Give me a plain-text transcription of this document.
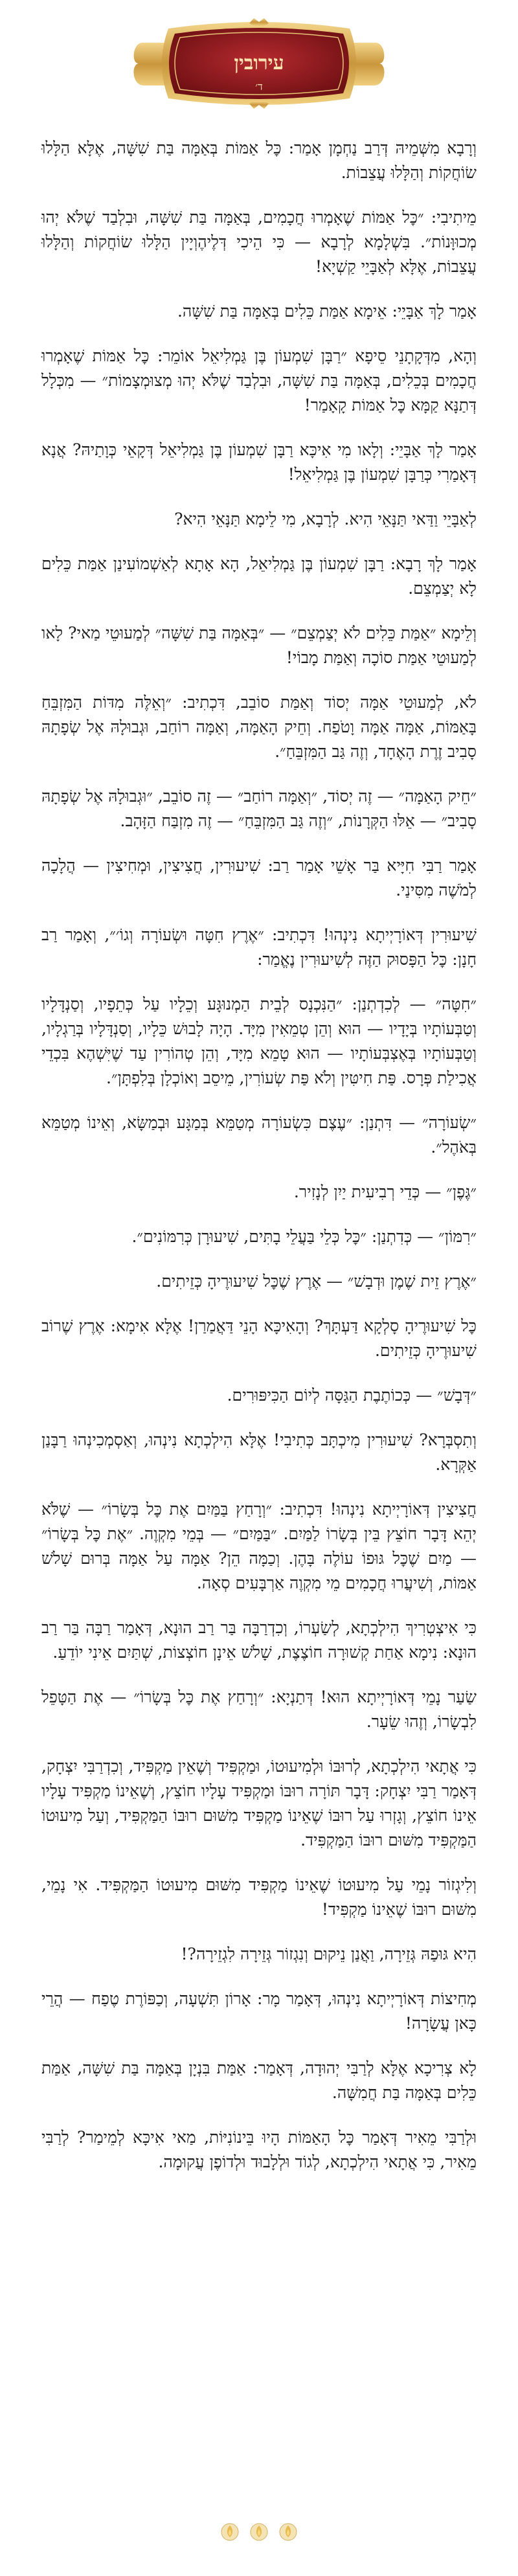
עירובין
ד׳

וְרָבָא מִשְּׁמֵיהּ דְּרַב נַחְמָן אָמַר: כׇּל אַמּוֹת בְּאַמָּה בַּת שִׁשָּׁה, אֶלָּא הַלָּלוּ שׂוֹחֲקוֹת וְהַלָּלוּ עֲצֵבוֹת.

מֵיתִיבִי: ״כׇּל אַמּוֹת שֶׁאָמְרוּ חֲכָמִים, בְּאַמָּה בַּת שִׁשָּׁה, וּבִלְבַד שֶׁלֹּא יְהוּ מְכוּוָּנוֹת״. בִּשְׁלָמָא לְרָבָא — כִּי הֵיכִי דְּלֶיהֶוְיָין הַלָּלוּ שׂוֹחֲקוֹת וְהַלָּלוּ עֲצֵבוֹת, אֶלָּא לְאַבָּיֵי קַשְׁיָא!

אָמַר לָךְ אַבָּיֵי: אֵימָא אַמַּת כֵּלִים בְּאַמָּה בַּת שִׁשָּׁה.

וְהָא, מִדְּקָתָנֵי סֵיפָא ״רַבָּן שִׁמְעוֹן בֶּן גַּמְלִיאֵל אוֹמֵר: כׇּל אַמּוֹת שֶׁאָמְרוּ חֲכָמִים בְּכֵלִים, בְּאַמָּה בַּת שִׁשָּׁה, וּבִלְבַד שֶׁלֹּא יְהוּ מְצוּמְצָמוֹת״ — מִכְּלָל דְּתַנָּא קַמָּא כׇּל אַמּוֹת קָאָמַר!

אָמַר לָךְ אַבָּיֵי: וְלָאו מִי אִיכָּא רַבָּן שִׁמְעוֹן בֶּן גַּמְלִיאֵל דְּקָאֵי כְּוָתַיהּ? אֲנָא דְּאָמַרִי כְּרַבָּן שִׁמְעוֹן בֶּן גַּמְלִיאֵל!

לְאַבָּיֵי וַדַּאי תַּנָּאֵי הִיא. לְרָבָא, מִי לֵימָא תַּנָּאֵי הִיא?

אָמַר לָךְ רָבָא: רַבָּן שִׁמְעוֹן בֶּן גַּמְלִיאֵל, הָא אָתָא לְאַשְׁמוֹעִינַן אַמַּת כֵּלִים לָא יְצַמְצֵם.

וְלֵימָא ״אַמַּת כֵּלִים לֹא יְצַמְצֵם״ — ״בְּאַמָּה בַּת שִׁשָּׁה״ לְמַעוּטֵי מַאי? לָאו לְמַעוּטֵי אַמַּת סוֹכָה וְאַמַּת מָבוֹי!

לֹא, לְמַעוּטֵי אַמָּה יְסוֹד וְאַמַּת סוֹבֵב, דִּכְתִיב: ״וְאֵלֶּה מִדּוֹת הַמִּזְבֵּחַ בָּאַמּוֹת, אַמָּה אַמָּה וָטֹפַח. וְחֵיק הָאַמָּה, וְאַמָּה רוֹחַב, וּגְבוּלָהּ אֶל שְׂפָתָהּ סָבִיב זֶרֶת הָאֶחָד, וְזֶה גַּב הַמִּזְבֵּחַ״.

״חֵיק הָאַמָּה״ — זֶה יְסוֹד, ״וְאַמָּה רוֹחַב״ — זֶה סוֹבֵב, ״וּגְבוּלָהּ אֶל שְׂפָתָהּ סָבִיב״ — אֵלּוּ הַקְּרָנוֹת, ״וְזֶה גַּב הַמִּזְבֵּחַ״ — זֶה מִזְבַּח הַזָּהָב.

אָמַר רַבִּי חִיָּיא בַּר אָשֵׁי אָמַר רַב: שִׁיעוּרִין, חֲצִיצִין, וּמְחִיצִין — הֲלָכָה לְמֹשֶׁה מִסִּינַי.

שִׁיעוּרִין דְּאוֹרָיְיתָא נִינְהוּ! דִּכְתִיב: ״אֶרֶץ חִטָּה וּשְׂעוֹרָה וְגוֹ׳״, וְאָמַר רַב חָנָן: כׇּל הַפָּסוּק הַזֶּה לְשִׁיעוּרִין נֶאֱמַר:

״חִטָּה״ — לְכִדְתְנַן: ״הַנִּכְנָס לְבֵית הַמְנוּגָּע וְכֵלָיו עַל כְּתֵפָיו, וְסַנְדָּלָיו וְטַבְּעוֹתָיו בְּיָדָיו — הוּא וְהֵן טְמֵאִין מִיָּד. הָיָה לָבוּשׁ כֵּלָיו, וְסַנְדָּלָיו בְּרַגְלָיו, וְטַבְּעוֹתָיו בְּאֶצְבְּעוֹתָיו — הוּא טָמֵא מִיָּד, וְהֵן טְהוֹרִין עַד שֶׁיִּשְׁהֶא בִּכְדֵי אֲכִילַת פְּרָס. פַּת חִיטִּין וְלֹא פַּת שְׂעוֹרִין, מֵיסֵב וְאוֹכְלָן בְּלִפְתָּן״.

״שְׂעוֹרָה״ — דִּתְנַן: ״עֶצֶם כִּשְׂעוֹרָה מְטַמֵּא בְּמַגָּע וּבְמַשָּׂא, וְאֵינוֹ מְטַמֵּא בְּאֹהֶל״.

״גֶּפֶן״ — כְּדֵי רְבִיעִית יַיִן לְנָזִיר.

״רִמּוֹן״ — כְּדִתְנַן: ״כׇּל כְּלֵי בַּעֲלֵי בָתִּים, שִׁיעוּרָן כְּרִמּוֹנִים״.

״אֶרֶץ זֵית שֶׁמֶן וּדְבָשׁ״ — אֶרֶץ שֶׁכׇּל שִׁיעוּרֶיהָ כְּזֵיתִים.

כׇּל שִׁיעוּרֶיהָ סָלְקָא דַּעְתָּךְ? וְהָאִיכָּא הָנֵי דַּאֲמַרַן! אֶלָּא אִימָא: אֶרֶץ שֶׁרוֹב שִׁיעוּרֶיהָ כְּזֵיתִים.

״דְּבָשׁ״ — כְּכוֹתֶבֶת הַגַּסָּה לְיוֹם הַכִּיפּוּרִים.

וְתִסְבְּרָא? שִׁיעוּרִין מִיכְתָּב כְּתִיבִי! אֶלָּא הִילְכְתָא נִינְהוּ, וְאַסְמְכִינְהוּ רַבָּנַן אַקְּרָא.

חֲצִיצִין דְּאוֹרָיְיתָא נִינְהוּ! דִּכְתִיב: ״וְרָחַץ בַּמַּיִם אֶת כׇּל בְּשָׂרוֹ״ — שֶׁלֹּא יְהֵא דָּבָר חוֹצֵץ בֵּין בְּשָׂרוֹ לַמַּיִם. ״בַּמַּיִם״ — בְּמֵי מִקְוֶה. ״אֶת כׇּל בְּשָׂרוֹ״ — מַיִם שֶׁכׇּל גּוּפוֹ עוֹלֶה בָּהֶן. וְכַמָּה הֵן? אַמָּה עַל אַמָּה בְּרוּם שָׁלֹשׁ אַמּוֹת, וְשִׁיעֲרוּ חֲכָמִים מֵי מִקְוֶה אַרְבָּעִים סְאָה.

כִּי אִיצְטְרִיךְ הִילְכְתָא, לְשַׂעְרוֹ, וְכִדְרַבָּה בַּר רַב הוּנָא, דְּאָמַר רַבָּה בַּר רַב הוּנָא: נִימָא אַחַת קְשׁוּרָה חוֹצֶצֶת, שָׁלֹשׁ אֵינָן חוֹצְצוֹת, שְׁתַּיִם אֵינִי יוֹדֵעַ.

שַׂעַר נָמֵי דְּאוֹרָיְיתָא הוּא! דְּתַנְיָא: ״וְרָחַץ אֶת כׇּל בְּשָׂרוֹ״ — אֶת הַטָּפֵל לִבְשָׂרוֹ, וְזֶהוּ שֵׂעָר.

כִּי אֲתָאי הִילְכְתָא, לְרוּבּוֹ וּלְמִיעוּטוֹ, וּמַקְפִּיד וְשֶׁאֵין מַקְפִּיד, וְכִדְרַבִּי יִצְחָק, דְּאָמַר רַבִּי יִצְחָק: דָּבָר תּוֹרָה רוּבּוֹ וּמַקְפִּיד עָלָיו חוֹצֵץ, וְשֶׁאֵינוֹ מַקְפִּיד עָלָיו אֵינוֹ חוֹצֵץ, וְגָזְרוּ עַל רוּבּוֹ שֶׁאֵינוֹ מַקְפִּיד מִשּׁוּם רוּבּוֹ הַמַּקְפִּיד, וְעַל מִיעוּטוֹ הַמַּקְפִּיד מִשּׁוּם רוּבּוֹ הַמַּקְפִּיד.

וְלִיגְזוֹר נָמֵי עַל מִיעוּטוֹ שֶׁאֵינוֹ מַקְפִּיד מִשּׁוּם מִיעוּטוֹ הַמַּקְפִּיד. אִי נָמֵי, מִשּׁוּם רוּבּוֹ שֶׁאֵינוֹ מַקְפִּיד!

הִיא גּוּפַהּ גְּזֵירָה, וַאֲנַן נֵיקוּם וְנִגְזוֹר גְּזֵירָה לִגְזֵירָה?!

מְחִיצוֹת דְּאוֹרָיְיתָא נִינְהוּ, דְּאָמַר מָר: אָרוֹן תִּשְׁעָה, וְכַפּוֹרֶת טֶפַח — הֲרֵי כָּאן עֲשָׂרָה!

לָא צְרִיכָא אֶלָּא לְרַבִּי יְהוּדָה, דְּאָמַר: אַמַּת בִּנְיָן בְּאַמָּה בַּת שִׁשָּׁה, אַמַּת כֵּלִים בְּאַמָּה בַּת חֲמִשָּׁה.

וּלְרַבִּי מֵאִיר דְּאָמַר כׇּל הָאַמּוֹת הָיוּ בֵּינוֹנִיּוֹת, מַאי אִיכָּא לְמֵימַר? לְרַבִּי מֵאִיר, כִּי אֲתָאי הִילְכְתָא, לְגוֹד וּלְלָבוּד וּלְדוֹפֶן עֲקוּמָה.
